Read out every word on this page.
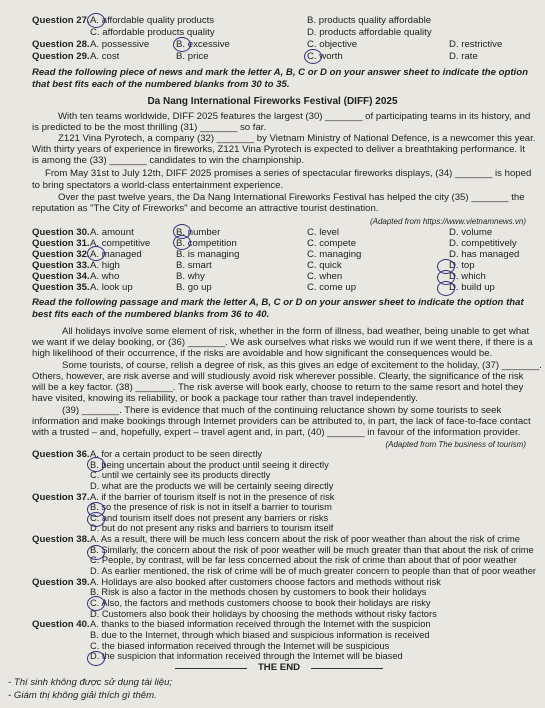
Question 27. A. affordable quality products	B. products quality affordable
C. affordable products quality	D. products affordable quality
Question 28. A. possessive	B. excessive	C. objective	D. restrictive
Question 29. A. cost	B. price	C. worth	D. rate
Read the following piece of news and mark the letter A, B, C or D on your answer sheet to indicate the option
that best fits each of the numbered blanks from 30 to 35.
Da Nang International Fireworks Festival (DIFF) 2025
With ten teams worldwide, DIFF 2025 features the largest (30) _______ of participating teams in its history, and
is predicted to be the most thrilling (31) _______ so far.
Z121 Vina Pyrotech, a company (32) _______ by Vietnam Ministry of National Defence, is a newcomer this year.
With thirty years of experience in fireworks, Z121 Vina Pyrotech is expected to deliver a breathtaking performance. It
is among the (33) _______ candidates to win the championship.
From May 31st to July 12th, DIFF 2025 promises a series of spectacular fireworks displays, (34) _______ is hoped
to bring spectators a world-class entertainment experience.
Over the past twelve years, the Da Nang International Fireworks Festival has helped the city (35) _______ the
reputation as "The City of Fireworks" and become an attractive tourist destination.
(Adapted from https://www.vietnamnews.vn)
Question 30. A. amount	B. number	C. level	D. volume
Question 31. A. competitive	B. competition	C. compete	D. competitively
Question 32. A. managed	B. is managing	C. managing	D. has managed
Question 33. A. high	B. smart	C. quick	D. top
Question 34. A. who	B. why	C. when	D. which
Question 35. A. look up	B. go up	C. come up	D. build up
Read the following passage and mark the letter A, B, C or D on your answer sheet to indicate the option that
best fits each of the numbered blanks from 36 to 40.
All holidays involve some element of risk, whether in the form of illness, bad weather, being unable to get what
we want if we delay booking, or (36) _______. We ask ourselves what risks we would run if we went there, if there is a
high likelihood of their occurrence, if the risks are avoidable and how significant the consequences would be.
Some tourists, of course, relish a degree of risk, as this gives an edge of excitement to the holiday, (37) _______.
Others, however, are risk averse and will studiously avoid risk wherever possible. Clearly, the significance of the risk
will be a key factor. (38) _______. The risk averse will book early, choose to return to the same resort and hotel they
have visited, knowing its reliability, or book a package tour rather than travel independently.
(39) _______. There is evidence that much of the continuing reluctance shown by some tourists to seek
information and make bookings through Internet providers can be attributed to, in part, the lack of face-to-face contact
with a trusted – and, hopefully, expert – travel agent and, in part, (40) _______ in favour of the information provider.
(Adapted from The business of tourism)
Question 36. A. for a certain product to be seen directly
B. being uncertain about the product until seeing it directly
C. until we certainly see its products directly
D. what are the products we will be certainly seeing directly
Question 37. A. if the barrier of tourism itself is not in the presence of risk
B. so the presence of risk is not in itself a barrier to tourism
C. and tourism itself does not present any barriers or risks
D. but do not present any risks and barriers to tourism itself
Question 38. A. As a result, there will be much less concern about the risk of poor weather than about the risk of crime
B. Similarly, the concern about the risk of poor weather will be much greater than that about the risk of crime
C. People, by contrast, will be far less concerned about the risk of crime than about that of poor weather
D. As earlier mentioned, the risk of crime will be of much greater concern to people than that of poor weather
Question 39. A. Holidays are also booked after customers choose factors and methods without risk
B. Risk is also a factor in the methods chosen by customers to book their holidays
C. Also, the factors and methods customers choose to book their holidays are risky
D. Customers also book their holidays by choosing the methods without risky factors
Question 40. A. thanks to the biased information received through the Internet with the suspicion
B. due to the Internet, through which biased and suspicious information is received
C. the biased information received through the Internet will be suspicious
D. the suspicion that information received through the Internet will be biased
THE END
- Thí sinh không được sử dụng tài liệu;
- Giám thị không giải thích gì thêm.
